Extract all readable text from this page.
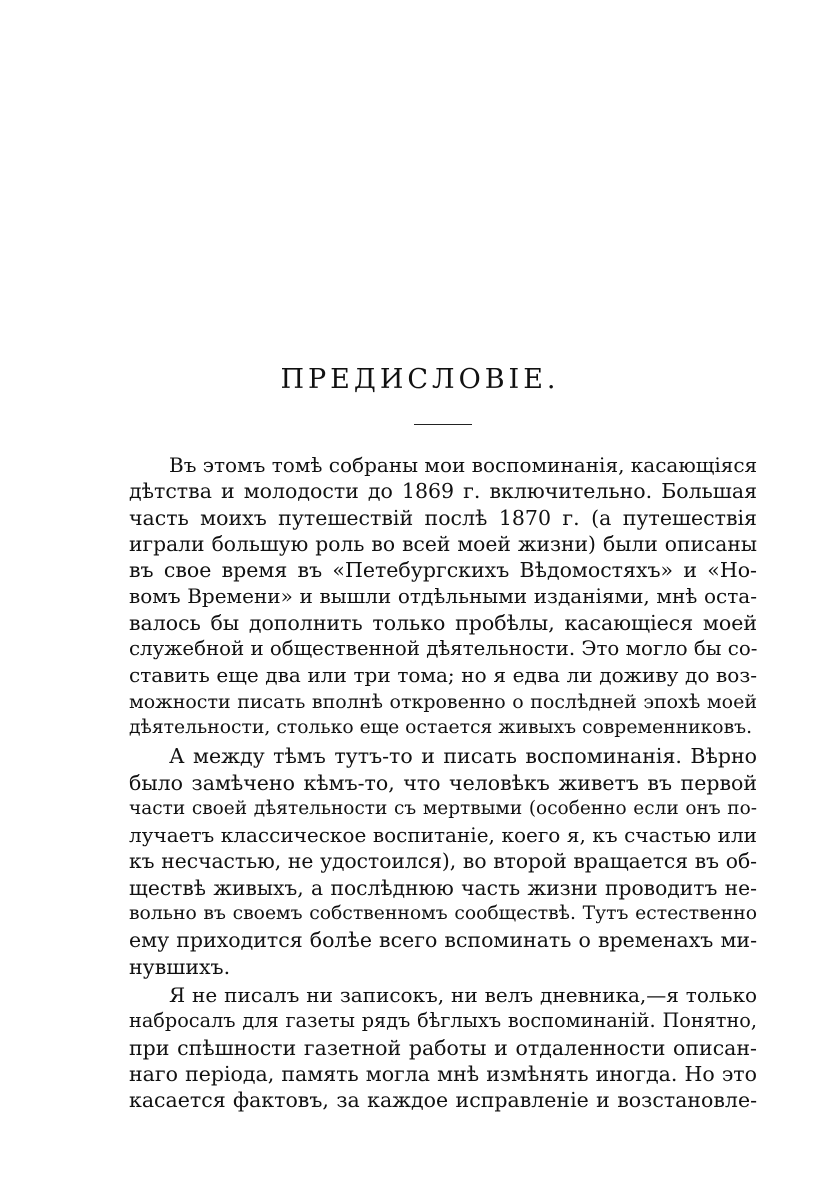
ПРЕДИСЛОВІЕ.

Въ этомъ томѣ собраны мои воспоминанія, касающіяся
дѣтства и молодости до 1869 г. включительно. Большая
часть моихъ путешествій послѣ 1870 г. (а путешествія
играли большую роль во всей моей жизни) были описаны
въ свое время въ «Петебургскихъ Вѣдомостяхъ» и «Но-
вомъ Времени» и вышли отдѣльными изданіями, мнѣ оста-
валось бы дополнить только пробѣлы, касающіеся моей
служебной и общественной дѣятельности. Это могло бы со-
ставить еще два или три тома; но я едва ли доживу до воз-
можности писать вполнѣ откровенно о послѣдней эпохѣ моей
дѣятельности, столько еще остается живыхъ современниковъ.

А между тѣмъ тутъ-то и писать воспоминанія. Вѣрно
было замѣчено кѣмъ-то, что человѣкъ живетъ въ первой
части своей дѣятельности съ мертвыми (особенно если онъ по-
лучаетъ классическое воспитаніе, коего я, къ счастью или
къ несчастью, не удостоился), во второй вращается въ об-
ществѣ живыхъ, а послѣднюю часть жизни проводитъ не-
вольно въ своемъ собственномъ сообществѣ. Тутъ естественно
ему приходится болѣе всего вспоминать о временахъ ми-
нувшихъ.

Я не писалъ ни записокъ, ни велъ дневника,—я только
набросалъ для газеты рядъ бѣглыхъ воспоминаній. Понятно,
при спѣшности газетной работы и отдаленности описан-
наго періода, память могла мнѣ измѣнять иногда. Но это
касается фактовъ, за каждое исправленіе и возстановле-
